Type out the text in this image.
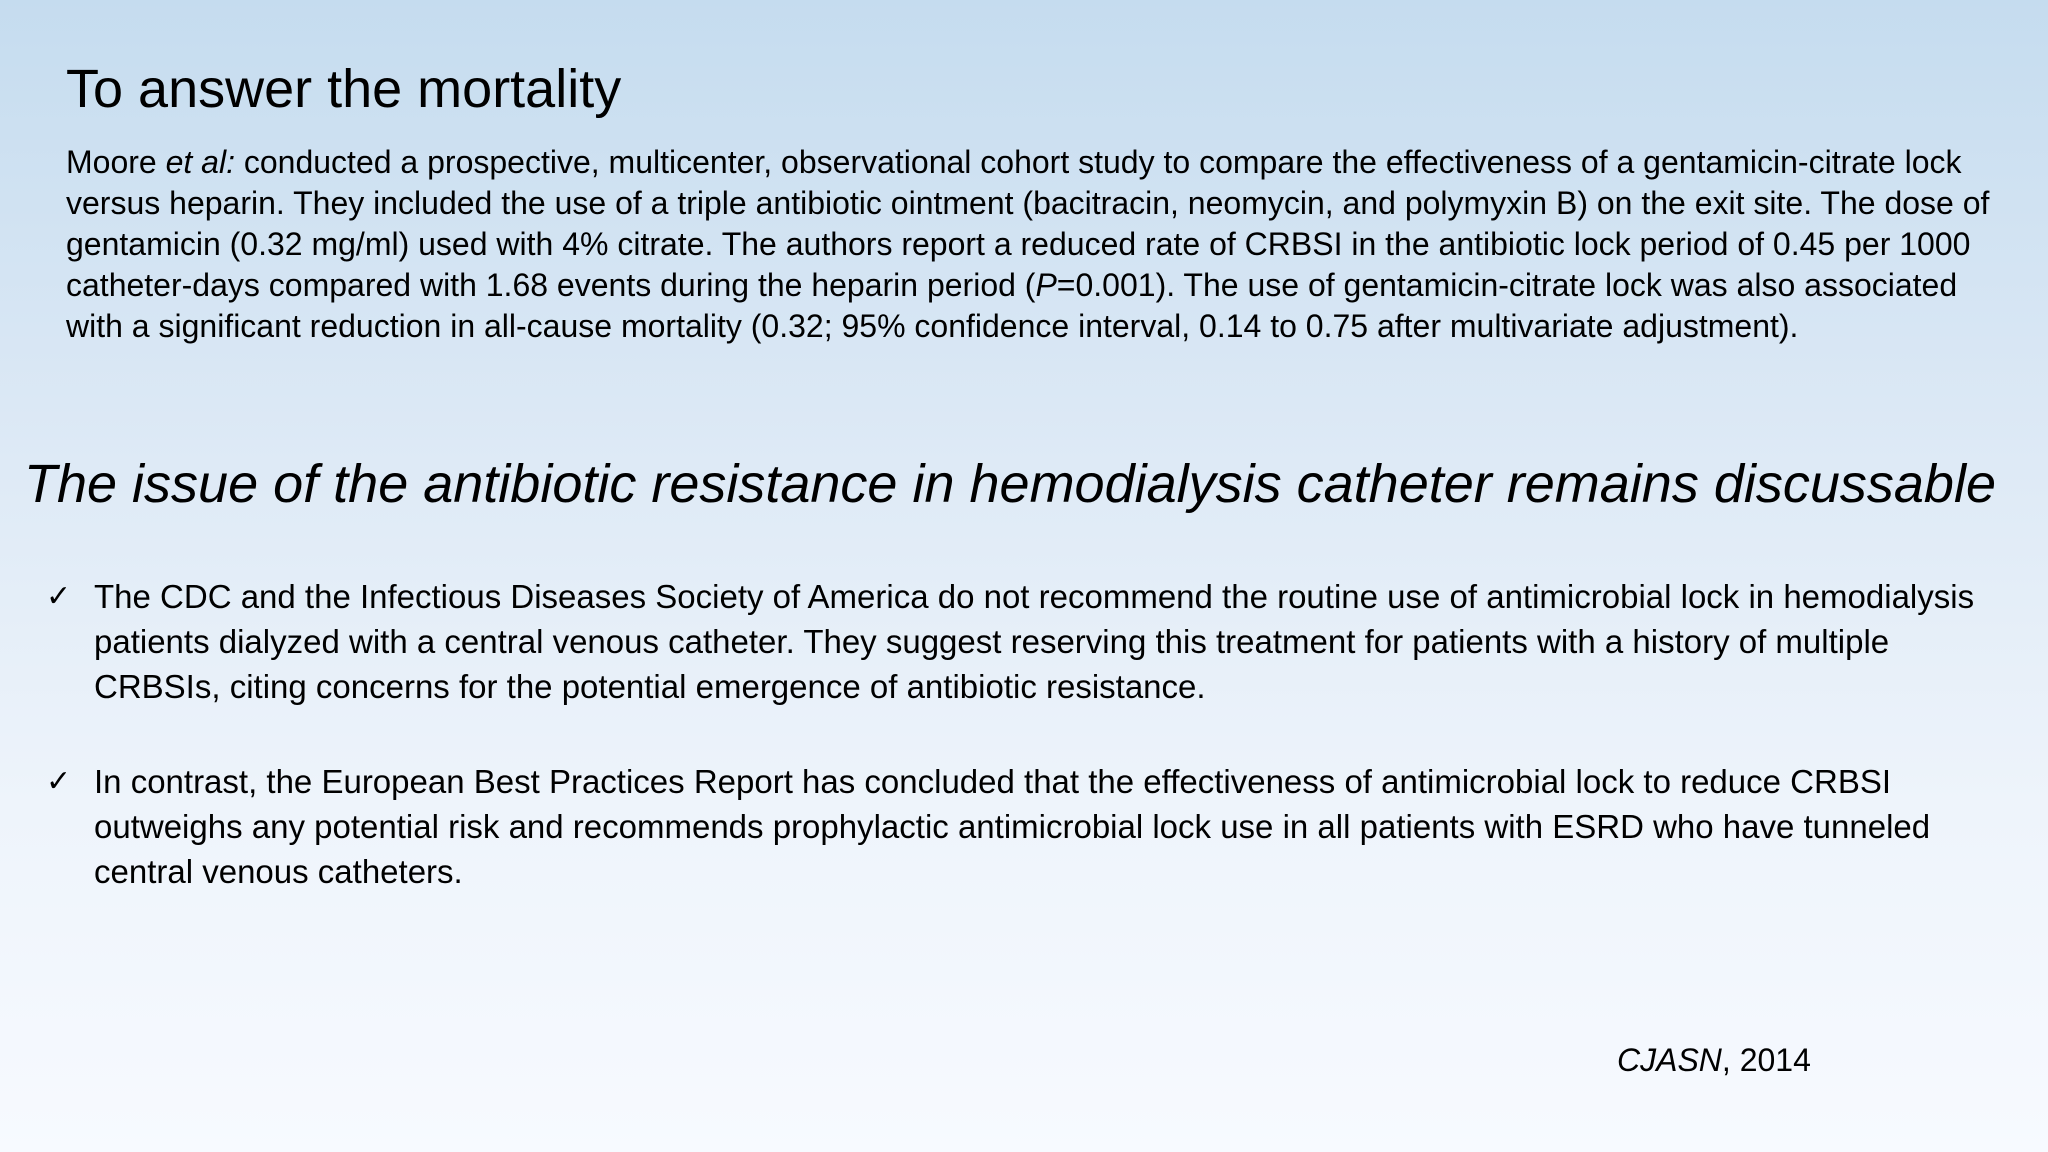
To answer the mortality

Moore et al: conducted a prospective, multicenter, observational cohort study to compare the effectiveness of a gentamicin-citrate lock versus heparin. They included the use of a triple antibiotic ointment (bacitracin, neomycin, and polymyxin B) on the exit site. The dose of gentamicin (0.32 mg/ml) used with 4% citrate. The authors report a reduced rate of CRBSI in the antibiotic lock period of 0.45 per 1000 catheter-days compared with 1.68 events during the heparin period (P=0.001). The use of gentamicin-citrate lock was also associated with a significant reduction in all-cause mortality (0.32; 95% confidence interval, 0.14 to 0.75 after multivariate adjustment).

The issue of the antibiotic resistance in hemodialysis catheter remains discussable
✓ The CDC and the Infectious Diseases Society of America do not recommend the routine use of antimicrobial lock in hemodialysis patients dialyzed with a central venous catheter. They suggest reserving this treatment for patients with a history of multiple CRBSIs, citing concerns for the potential emergence of antibiotic resistance.
✓ In contrast, the European Best Practices Report has concluded that the effectiveness of antimicrobial lock to reduce CRBSI outweighs any potential risk and recommends prophylactic antimicrobial lock use in all patients with ESRD who have tunneled central venous catheters.
CJASN, 2014
